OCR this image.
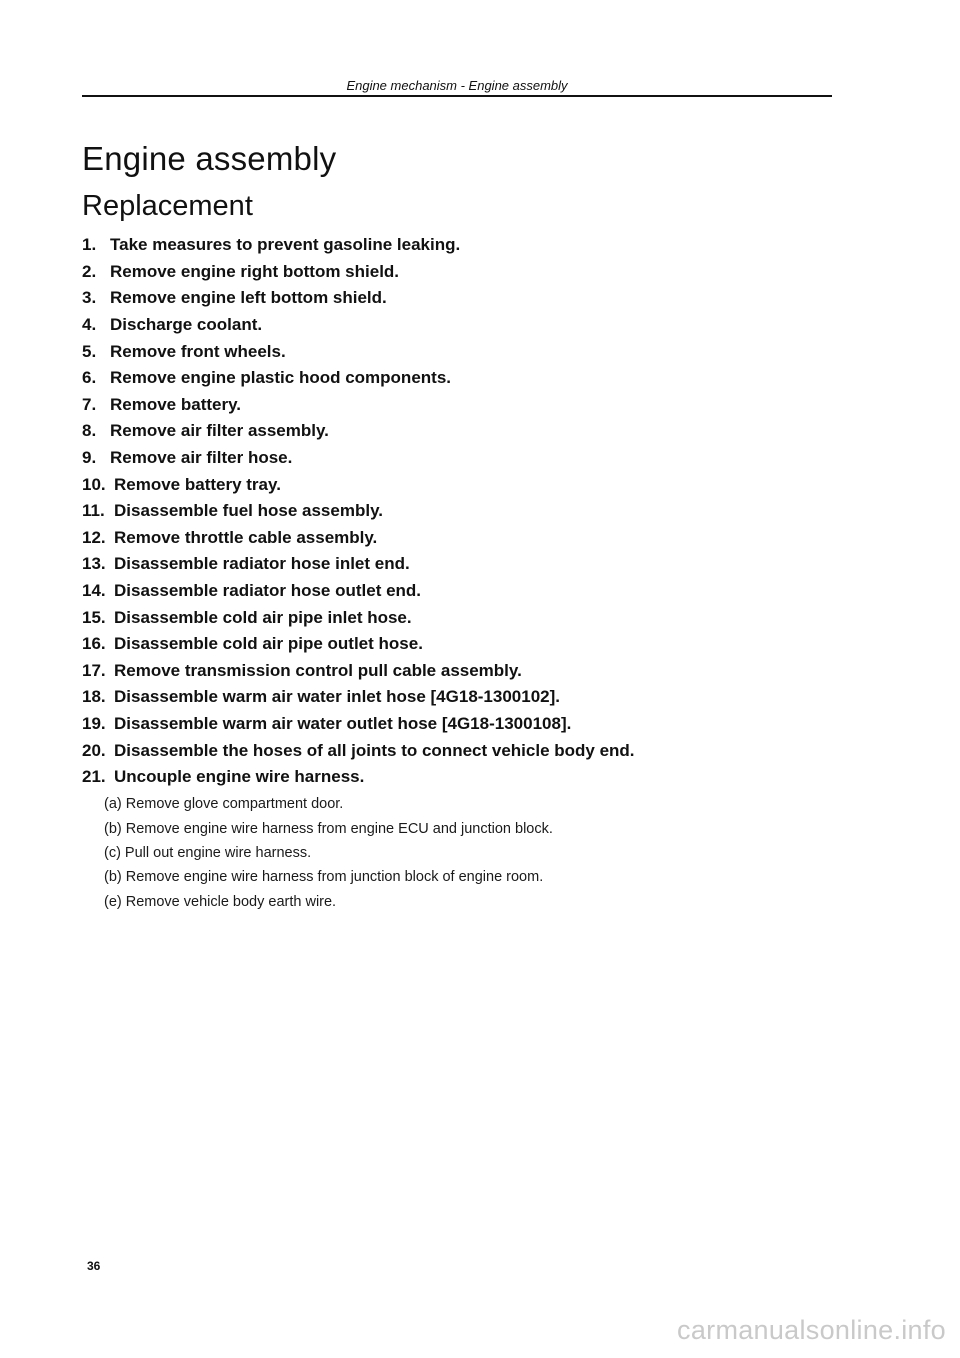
Engine mechanism - Engine assembly
Engine assembly
Replacement
1. Take measures to prevent gasoline leaking.
2. Remove engine right bottom shield.
3. Remove engine left bottom shield.
4. Discharge coolant.
5. Remove front wheels.
6. Remove engine plastic hood components.
7. Remove battery.
8. Remove air filter assembly.
9. Remove air filter hose.
10. Remove battery tray.
11. Disassemble fuel hose assembly.
12. Remove throttle cable assembly.
13. Disassemble radiator hose inlet end.
14. Disassemble radiator hose outlet end.
15. Disassemble cold air pipe inlet hose.
16. Disassemble cold air pipe outlet hose.
17. Remove transmission control pull cable assembly.
18. Disassemble warm air water inlet hose [4G18-1300102].
19. Disassemble warm air water outlet hose [4G18-1300108].
20. Disassemble the hoses of all joints to connect vehicle body end.
21. Uncouple engine wire harness.
(a) Remove glove compartment door.
(b) Remove engine wire harness from engine ECU and junction block.
(c) Pull out engine wire harness.
(b) Remove engine wire harness from junction block of engine room.
(e) Remove vehicle body earth wire.
36
carmanualsonline.info
